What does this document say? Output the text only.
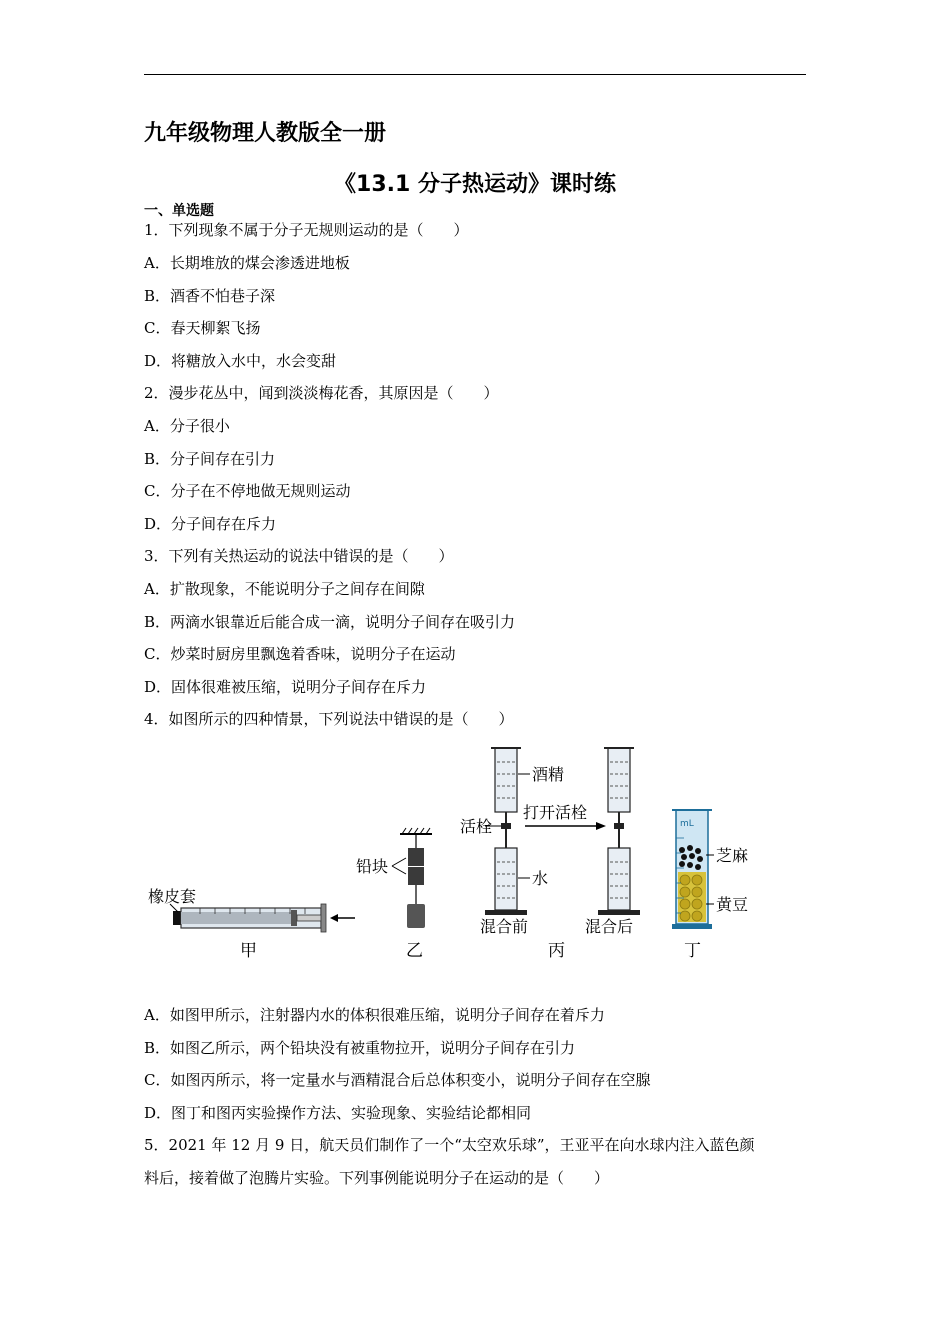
九年级物理人教版全一册
《13.1 分子热运动》课时练
一、单选题
1．下列现象不属于分子无规则运动的是（　　）
A．长期堆放的煤会渗透进地板
B．酒香不怕巷子深
C．春天柳絮飞扬
D．将糖放入水中，水会变甜
2．漫步花丛中，闻到淡淡梅花香，其原因是（　　）
A．分子很小
B．分子间存在引力
C．分子在不停地做无规则运动
D．分子间存在斥力
3．下列有关热运动的说法中错误的是（　　）
A．扩散现象，不能说明分子之间存在间隙
B．两滴水银靠近后能合成一滴，说明分子间存在吸引力
C．炒菜时厨房里飘逸着香味，说明分子在运动
D．固体很难被压缩，说明分子间存在斥力
4．如图所示的四种情景，下列说法中错误的是（　　）
橡皮套
甲
铅块
乙
酒精
活栓
水
混合前
打开活栓
混合后
丙
mL
芝麻
黄豆
丁
A．如图甲所示，注射器内水的体积很难压缩，说明分子间存在着斥力
B．如图乙所示，两个铅块没有被重物拉开，说明分子间存在引力
C．如图丙所示，将一定量水与酒精混合后总体积变小，说明分子间存在空腺
D．图丁和图丙实验操作方法、实验现象、实验结论都相同
5．2021 年 12 月 9 日，航天员们制作了一个“太空欢乐球”，王亚平在向水球内注入蓝色颜
料后，接着做了泡腾片实验。下列事例能说明分子在运动的是（　　）
